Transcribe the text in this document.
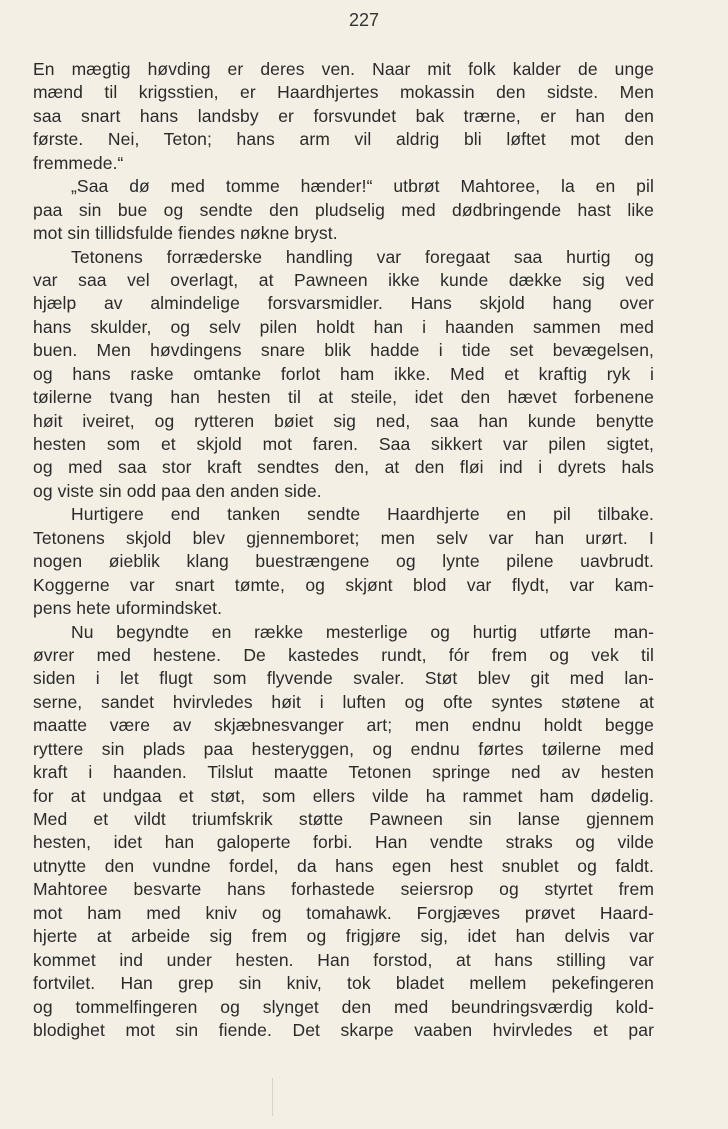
227
En mægtig høvding er deres ven. Naar mit folk kalder de unge
mænd til krigsstien, er Haardhjertes mokassin den sidste. Men
saa snart hans landsby er forsvundet bak trærne, er han den
første. Nei, Teton; hans arm vil aldrig bli løftet mot den
fremmede.“
„Saa dø med tomme hænder!“ utbrøt Mahtoree, la en pil
paa sin bue og sendte den pludselig med dødbringende hast like
mot sin tillidsfulde fiendes nøkne bryst.
Tetonens forræderske handling var foregaat saa hurtig og
var saa vel overlagt, at Pawneen ikke kunde dække sig ved
hjælp av almindelige forsvarsmidler. Hans skjold hang over
hans skulder, og selv pilen holdt han i haanden sammen med
buen. Men høvdingens snare blik hadde i tide set bevægelsen,
og hans raske omtanke forlot ham ikke. Med et kraftig ryk i
tøilerne tvang han hesten til at steile, idet den hævet forbenene
høit iveiret, og rytteren bøiet sig ned, saa han kunde benytte
hesten som et skjold mot faren. Saa sikkert var pilen sigtet,
og med saa stor kraft sendtes den, at den fløi ind i dyrets hals
og viste sin odd paa den anden side.
Hurtigere end tanken sendte Haardhjerte en pil tilbake.
Tetonens skjold blev gjennemboret; men selv var han urørt. I
nogen øieblik klang buestrængene og lynte pilene uavbrudt.
Koggerne var snart tømte, og skjønt blod var flydt, var kam-
pens hete uformindsket.
Nu begyndte en række mesterlige og hurtig utførte man-
øvrer med hestene. De kastedes rundt, fór frem og vek til
siden i let flugt som flyvende svaler. Støt blev git med lan-
serne, sandet hvirvledes høit i luften og ofte syntes støtene at
maatte være av skjæbnesvanger art; men endnu holdt begge
ryttere sin plads paa hesteryggen, og endnu førtes tøilerne med
kraft i haanden. Tilslut maatte Tetonen springe ned av hesten
for at undgaa et støt, som ellers vilde ha rammet ham dødelig.
Med et vildt triumfskrik støtte Pawneen sin lanse gjennem
hesten, idet han galoperte forbi. Han vendte straks og vilde
utnytte den vundne fordel, da hans egen hest snublet og faldt.
Mahtoree besvarte hans forhastede seiersrop og styrtet frem
mot ham med kniv og tomahawk. Forgjæves prøvet Haard-
hjerte at arbeide sig frem og frigjøre sig, idet han delvis var
kommet ind under hesten. Han forstod, at hans stilling var
fortvilet. Han grep sin kniv, tok bladet mellem pekefingeren
og tommelfingeren og slynget den med beundringsværdig kold-
blodighet mot sin fiende. Det skarpe vaaben hvirvledes et par
